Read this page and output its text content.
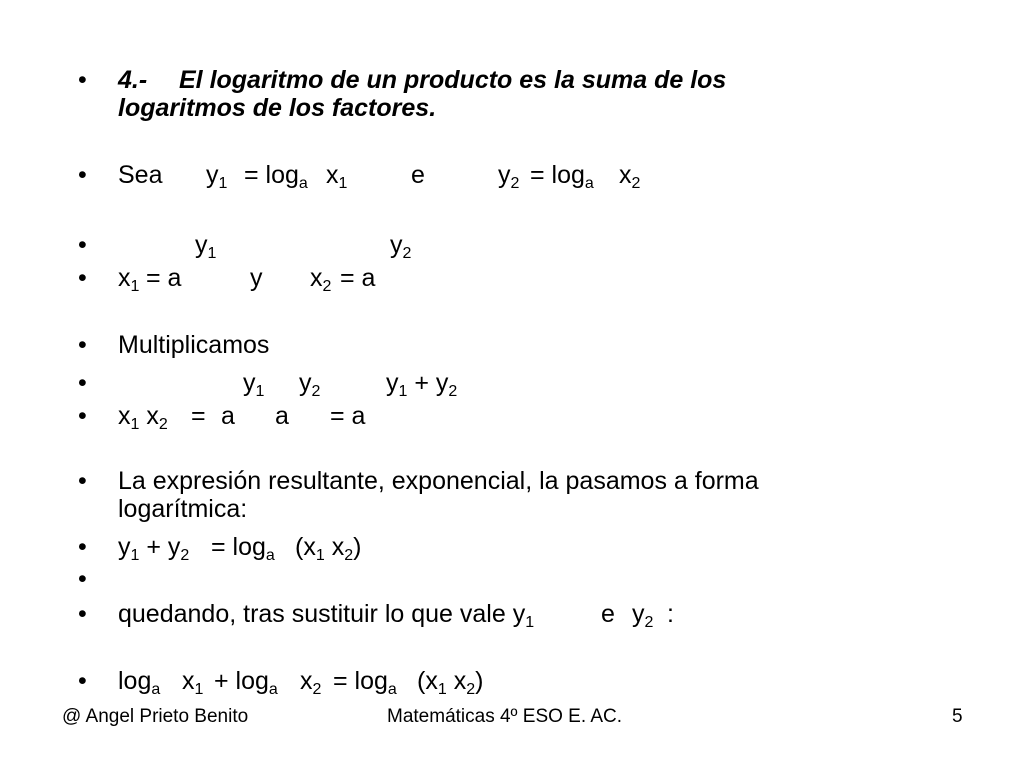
• 4.- El logaritmo de un producto es la suma de los
logaritmos de los factores.
• Sea $y_1 = \log_a x_1$	e	$y_2 = \log_a x_2$
•	$y_1$	$y_2$
• $x_1 = a$	y $x_2 = a$
• Multiplicamos
•	$y_1$ $y_2$	$y_1 + y_2$
• $x_1$ $x_2 = a$ a = a
• La expresión resultante, exponencial, la pasamos a forma
logarítmica:
• $y_1 + y_2 = \log_a (x_1$ $x_2$)
•
• quedando, tras sustituir lo que vale $y_1$	e $y_2$ :
• $\log_a x_1 + \log_a x_2 = \log_a (x_1$ $x_2$)
@ Angel Prieto Benito	Matemáticas 4º ESO E. AC.	5
